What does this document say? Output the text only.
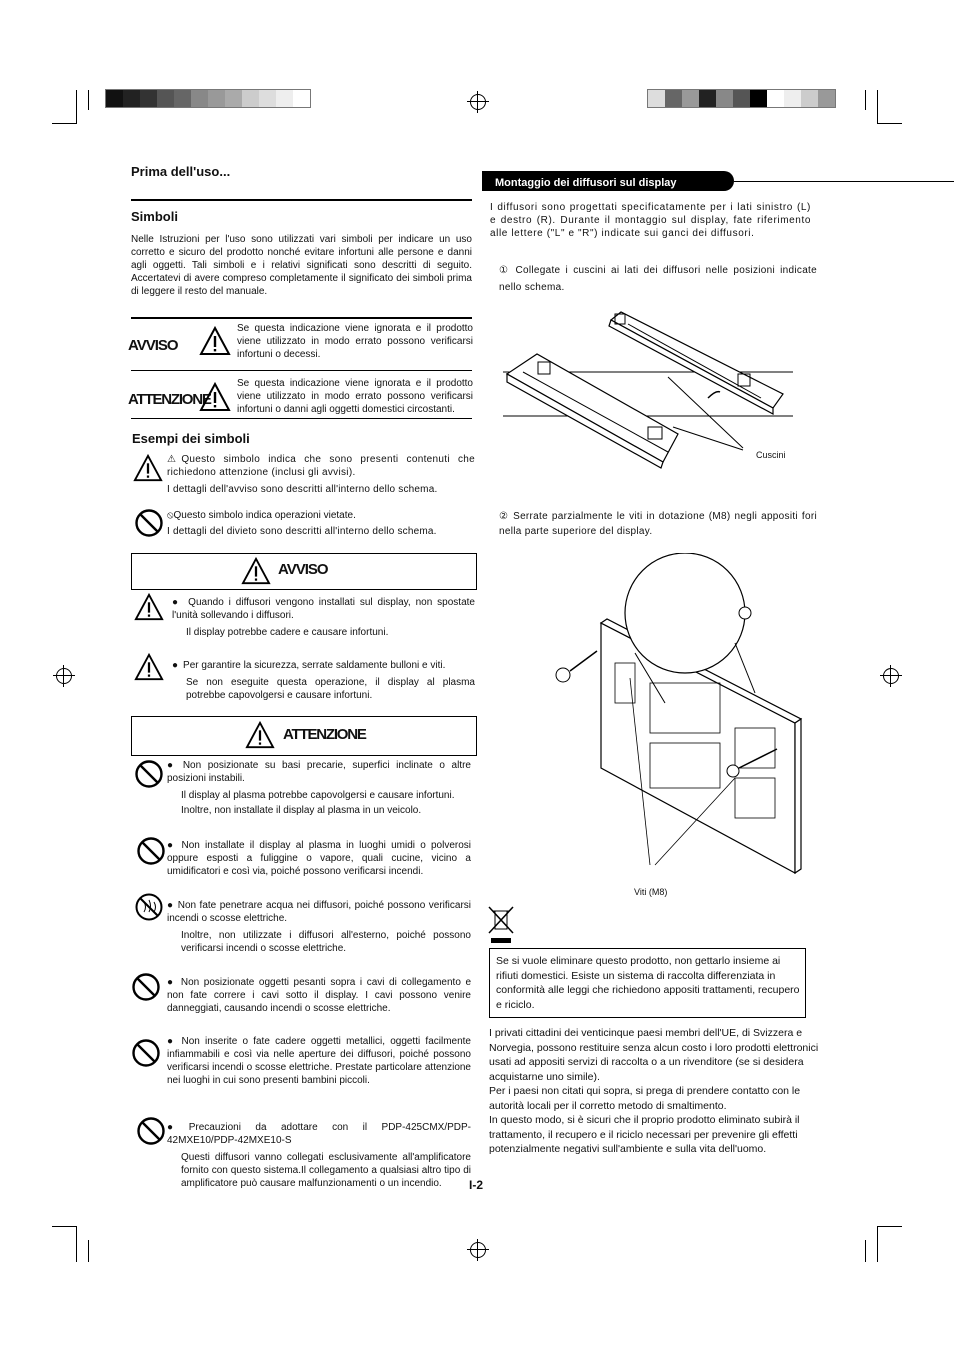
Prima dell'uso...
Simboli
Nelle Istruzioni per l'uso sono utilizzati vari simboli per indicare un uso corretto e sicuro del prodotto nonché evitare infortuni alle persone e danni agli oggetti. Tali simboli e i relativi significati sono descritti di seguito. Accertatevi di avere compreso completamente il significato dei simboli prima di leggere il resto del manuale.
AVVISO
Se questa indicazione viene ignorata e il prodotto viene utilizzato in modo errato possono verificarsi infortuni o decessi.
ATTENZIONE
Se questa indicazione viene ignorata e il prodotto viene utilizzato in modo errato possono verificarsi infortuni o danni agli oggetti domestici circostanti.
Esempi dei simboli
⚠Questo simbolo indica che sono presenti contenuti che richiedono attenzione (inclusi gli avvisi).
I dettagli dell'avviso sono descritti all'interno dello schema.
⦸Questo simbolo indica operazioni vietate.
I dettagli del divieto sono descritti all'interno dello schema.
AVVISO
● Quando i diffusori vengono installati sul display, non spostate l'unità sollevando i diffusori.
Il display potrebbe cadere e causare infortuni.
● Per garantire la sicurezza, serrate saldamente bulloni e viti.
Se non eseguite questa operazione, il display al plasma potrebbe capovolgersi e causare infortuni.
ATTENZIONE
● Non posizionate su basi precarie, superfici inclinate o altre posizioni instabili.
Il display al plasma potrebbe capovolgersi e causare infortuni.
Inoltre, non installate il display al plasma in un veicolo.
● Non installate il display al plasma in luoghi umidi o polverosi oppure esposti a fuliggine o vapore, quali cucine, vicino a umidificatori e così via, poiché possono verificarsi incendi.
● Non fate penetrare acqua nei diffusori, poiché possono verificarsi incendi o scosse elettriche.
Inoltre, non utilizzate i diffusori all'esterno, poiché possono verificarsi incendi o scosse elettriche.
● Non posizionate oggetti pesanti sopra i cavi di collegamento e non fate correre i cavi sotto il display. I cavi possono venire danneggiati, causando incendi o scosse elettriche.
● Non inserite o fate cadere oggetti metallici, oggetti facilmente infiammabili e così via nelle aperture dei diffusori, poiché possono verificarsi incendi o scosse elettriche. Prestate particolare attenzione nei luoghi in cui sono presenti bambini piccoli.
● Precauzioni da adottare con il PDP-425CMX/PDP-42MXE10/PDP-42MXE10-S
Questi diffusori vanno collegati esclusivamente all'amplificatore fornito con questo sistema.Il collegamento a qualsiasi altro tipo di amplificatore può causare malfunzionamenti o un incendio.	I-2
Montaggio dei diffusori sul display
I diffusori sono progettati specificatamente per i lati sinistro (L) e destro (R). Durante il montaggio sul display, fate riferimento alle lettere ("L" e "R") indicate sui ganci dei diffusori.
① Collegate i cuscini ai lati dei diffusori nelle posizioni indicate nello schema.
Cuscini
② Serrate parzialmente le viti in dotazione (M8) negli appositi fori nella parte superiore del display.
Viti (M8)
Se si vuole eliminare questo prodotto, non gettarlo insieme ai rifiuti domestici. Esiste un sistema di raccolta differenziata in conformità alle leggi che richiedono appositi trattamenti, recupero e riciclo.
I privati cittadini dei venticinque paesi membri dell'UE, di Svizzera e Norvegia, possono restituire senza alcun costo i loro prodotti elettronici usati ad appositi servizi di raccolta o a un rivenditore (se si desidera acquistarne uno simile).
Per i paesi non citati qui sopra, si prega di prendere contatto con le autorità locali per il corretto metodo di smaltimento.
In questo modo, si è sicuri che il proprio prodotto eliminato subirà il trattamento, il recupero e il riciclo necessari per prevenire gli effetti potenzialmente negativi sull'ambiente e sulla vita dell'uomo.
